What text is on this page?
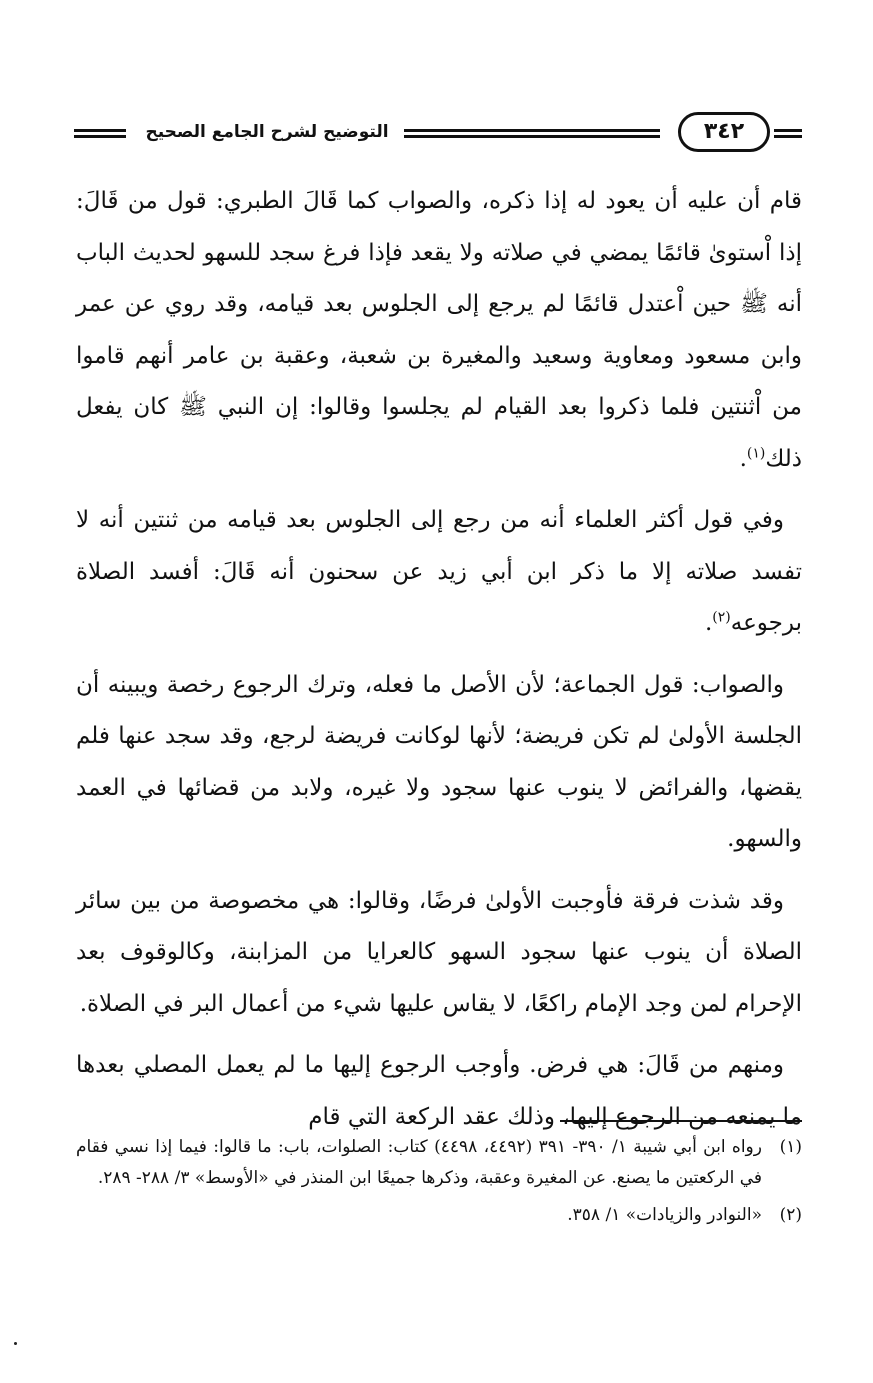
التوضيح لشرح الجامع الصحيح	٣٤٢

قام أن عليه أن يعود له إذا ذكره، والصواب كما قَالَ الطبري: قول من قَالَ: إذا اْستوىٰ قائمًا يمضي في صلاته ولا يقعد فإذا فرغ سجد للسهو لحديث الباب أنه ﷺ حين اْعتدل قائمًا لم يرجع إلى الجلوس بعد قيامه، وقد روي عن عمر وابن مسعود ومعاوية وسعيد والمغيرة بن شعبة، وعقبة بن عامر أنهم قاموا من اْثنتين فلما ذكروا بعد القيام لم يجلسوا وقالوا: إن النبي ﷺ كان يفعل ذلك$^{(١)}$.

وفي قول أكثر العلماء أنه من رجع إلى الجلوس بعد قيامه من ثنتين أنه لا تفسد صلاته إلا ما ذكر ابن أبي زيد عن سحنون أنه قَالَ: أفسد الصلاة برجوعه$^{(٢)}$.

والصواب: قول الجماعة؛ لأن الأصل ما فعله، وترك الرجوع رخصة ويبينه أن الجلسة الأولىٰ لم تكن فريضة؛ لأنها لوكانت فريضة لرجع، وقد سجد عنها فلم يقضها، والفرائض لا ينوب عنها سجود ولا غيره، ولابد من قضائها في العمد والسهو.

وقد شذت فرقة فأوجبت الأولىٰ فرضًا، وقالوا: هي مخصوصة من بين سائر الصلاة أن ينوب عنها سجود السهو كالعرايا من المزابنة، وكالوقوف بعد الإحرام لمن وجد الإمام راكعًا، لا يقاس عليها شيء من أعمال البر في الصلاة.

ومنهم من قَالَ: هي فرض. وأوجب الرجوع إليها ما لم يعمل المصلي بعدها ما يمنعه من الرجوع إليها، وذلك عقد الركعة التي قام

(١)
رواه ابن أبي شيبة ١/ ٣٩٠- ٣٩١ (٤٤٩٢، ٤٤٩٨) كتاب: الصلوات، باب: ما قالوا: فيما إذا نسي فقام في الركعتين ما يصنع. عن المغيرة وعقبة، وذكرها جميعًا ابن المنذر في «الأوسط» ٣/ ٢٨٨- ٢٨٩.
(٢)
«النوادر والزيادات» ١/ ٣٥٨.
